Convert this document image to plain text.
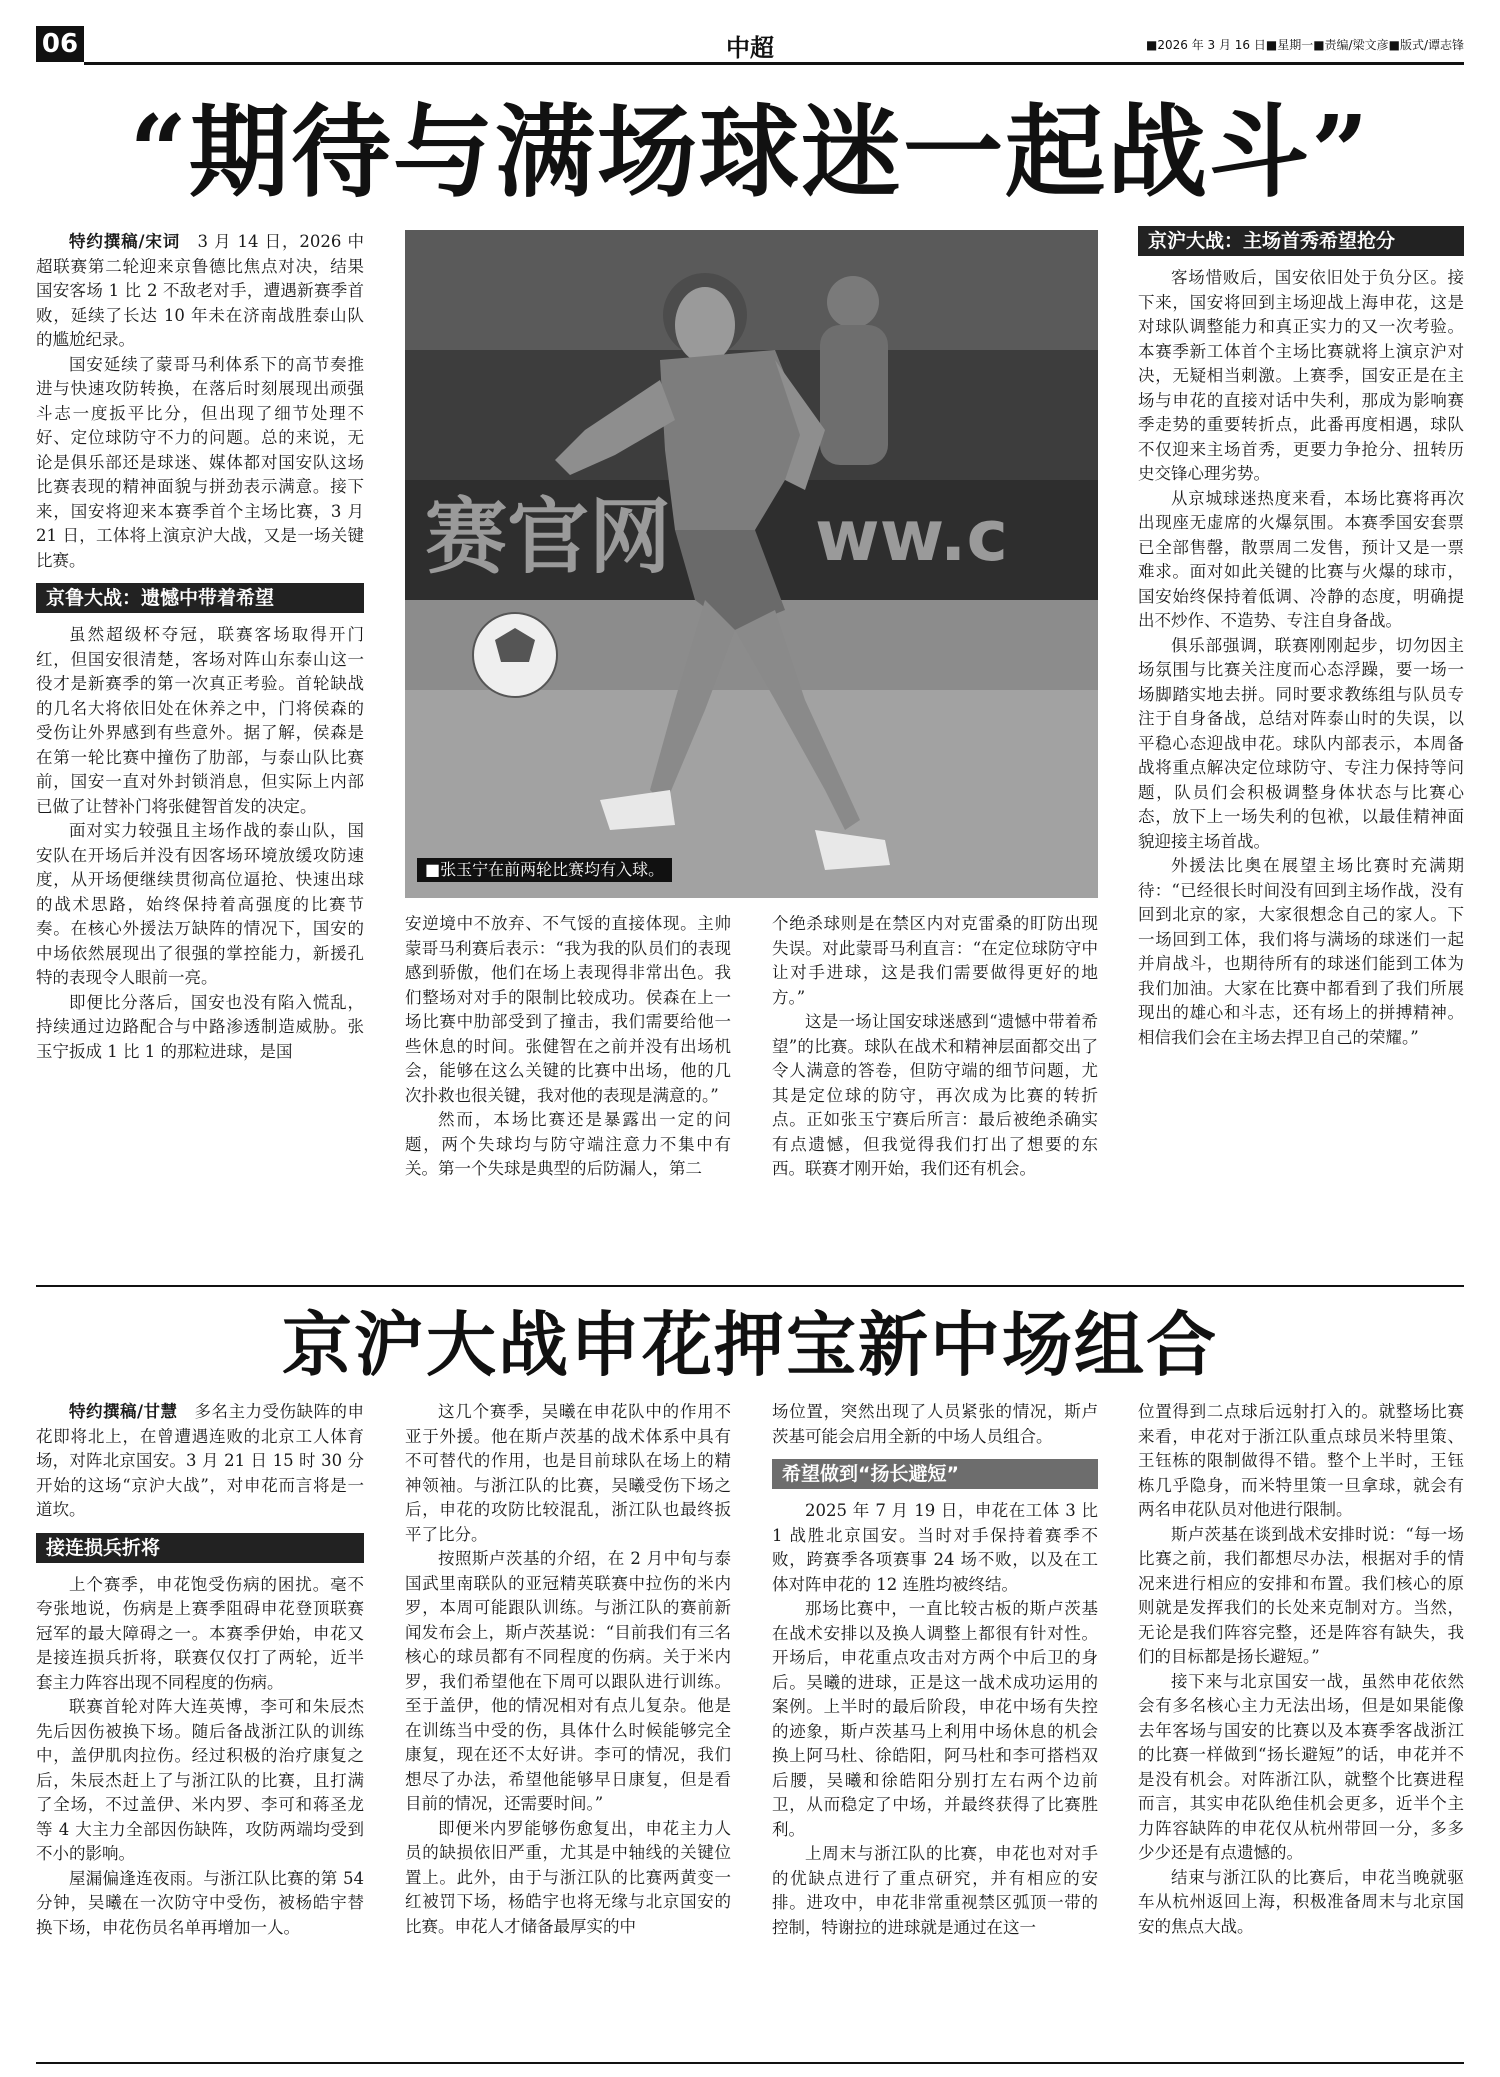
06	中超	■2026 年 3 月 16 日■星期一■责编/梁文彦■版式/谭志锋
“期待与满场球迷一起战斗”

特约撰稿/宋词　 3 月 14 日，2026 中超联赛第二轮迎来京鲁德比焦点对决，结果国安客场 1 比 2 不敌老对手，遭遇新赛季首败，延续了长达 10 年未在济南战胜泰山队的尴尬纪录。

国安延续了蒙哥马利体系下的高节奏推进与快速攻防转换，在落后时刻展现出顽强斗志一度扳平比分，但出现了细节处理不好、定位球防守不力的问题。总的来说，无论是俱乐部还是球迷、媒体都对国安队这场比赛表现的精神面貌与拼劲表示满意。接下来，国安将迎来本赛季首个主场比赛，3 月 21 日，工体将上演京沪大战，又是一场关键比赛。

京鲁大战：遗憾中带着希望

虽然超级杯夺冠，联赛客场取得开门红，但国安很清楚，客场对阵山东泰山这一役才是新赛季的第一次真正考验。首轮缺战的几名大将依旧处在休养之中，门将侯森的受伤让外界感到有些意外。据了解，侯森是在第一轮比赛中撞伤了肋部，与泰山队比赛前，国安一直对外封锁消息，但实际上内部已做了让替补门将张健智首发的决定。

面对实力较强且主场作战的泰山队，国安队在开场后并没有因客场环境放缓攻防速度，从开场便继续贯彻高位逼抢、快速出球的战术思路，始终保持着高强度的比赛节奏。在核心外援法万缺阵的情况下，国安的中场依然展现出了很强的掌控能力，新援孔特的表现令人眼前一亮。

即便比分落后，国安也没有陷入慌乱，持续通过边路配合与中路渗透制造威胁。张玉宁扳成 1 比 1 的那粒进球，是国

赛官网 ww.c
■张玉宁在前两轮比赛均有入球。

安逆境中不放弃、不气馁的直接体现。主帅蒙哥马利赛后表示：“我为我的队员们的表现感到骄傲，他们在场上表现得非常出色。我们整场对对手的限制比较成功。侯森在上一场比赛中肋部受到了撞击，我们需要给他一些休息的时间。张健智在之前并没有出场机会，能够在这么关键的比赛中出场，他的几次扑救也很关键，我对他的表现是满意的。”

然而，本场比赛还是暴露出一定的问题，两个失球均与防守端注意力不集中有关。第一个失球是典型的后防漏人，第二

个绝杀球则是在禁区内对克雷桑的盯防出现失误。对此蒙哥马利直言：“在定位球防守中让对手进球，这是我们需要做得更好的地方。”

这是一场让国安球迷感到“遗憾中带着希望”的比赛。球队在战术和精神层面都交出了令人满意的答卷，但防守端的细节问题，尤其是定位球的防守，再次成为比赛的转折点。正如张玉宁赛后所言：最后被绝杀确实有点遗憾，但我觉得我们打出了想要的东西。联赛才刚开始，我们还有机会。

京沪大战：主场首秀希望抢分

客场惜败后，国安依旧处于负分区。接下来，国安将回到主场迎战上海申花，这是对球队调整能力和真正实力的又一次考验。本赛季新工体首个主场比赛就将上演京沪对决，无疑相当刺激。上赛季，国安正是在主场与申花的直接对话中失利，那成为影响赛季走势的重要转折点，此番再度相遇，球队不仅迎来主场首秀，更要力争抢分、扭转历史交锋心理劣势。

从京城球迷热度来看，本场比赛将再次出现座无虚席的火爆氛围。本赛季国安套票已全部售罄，散票周二发售，预计又是一票难求。面对如此关键的比赛与火爆的球市，国安始终保持着低调、冷静的态度，明确提出不炒作、不造势、专注自身备战。

俱乐部强调，联赛刚刚起步，切勿因主场氛围与比赛关注度而心态浮躁，要一场一场脚踏实地去拼。同时要求教练组与队员专注于自身备战，总结对阵泰山时的失误，以平稳心态迎战申花。球队内部表示，本周备战将重点解决定位球防守、专注力保持等问题，队员们会积极调整身体状态与比赛心态，放下上一场失利的包袱，以最佳精神面貌迎接主场首战。

外援法比奥在展望主场比赛时充满期待：“已经很长时间没有回到主场作战，没有回到北京的家，大家很想念自己的家人。下一场回到工体，我们将与满场的球迷们一起并肩战斗，也期待所有的球迷们能到工体为我们加油。大家在比赛中都看到了我们所展现出的雄心和斗志，还有场上的拼搏精神。相信我们会在主场去捍卫自己的荣耀。”

京沪大战申花押宝新中场组合

特约撰稿/甘慧　 多名主力受伤缺阵的申花即将北上，在曾遭遇连败的北京工人体育场，对阵北京国安。3 月 21 日 15 时 30 分开始的这场“京沪大战”，对申花而言将是一道坎。

接连损兵折将

上个赛季，申花饱受伤病的困扰。毫不夸张地说，伤病是上赛季阻碍申花登顶联赛冠军的最大障碍之一。本赛季伊始，申花又是接连损兵折将，联赛仅仅打了两轮，近半套主力阵容出现不同程度的伤病。

联赛首轮对阵大连英博，李可和朱辰杰先后因伤被换下场。随后备战浙江队的训练中，盖伊肌肉拉伤。经过积极的治疗康复之后，朱辰杰赶上了与浙江队的比赛，且打满了全场，不过盖伊、米内罗、李可和蒋圣龙等 4 大主力全部因伤缺阵，攻防两端均受到不小的影响。

屋漏偏逢连夜雨。与浙江队比赛的第 54 分钟，吴曦在一次防守中受伤，被杨皓宇替换下场，申花伤员名单再增加一人。

这几个赛季，吴曦在申花队中的作用不亚于外援。他在斯卢茨基的战术体系中具有不可替代的作用，也是目前球队在场上的精神领袖。与浙江队的比赛，吴曦受伤下场之后，申花的攻防比较混乱，浙江队也最终扳平了比分。

按照斯卢茨基的介绍，在 2 月中旬与泰国武里南联队的亚冠精英联赛中拉伤的米内罗，本周可能跟队训练。与浙江队的赛前新闻发布会上，斯卢茨基说：“目前我们有三名核心的球员都有不同程度的伤病。关于米内罗，我们希望他在下周可以跟队进行训练。至于盖伊，他的情况相对有点儿复杂。他是在训练当中受的伤，具体什么时候能够完全康复，现在还不太好讲。李可的情况，我们想尽了办法，希望他能够早日康复，但是看目前的情况，还需要时间。”

即便米内罗能够伤愈复出，申花主力人员的缺损依旧严重，尤其是中轴线的关键位置上。此外，由于与浙江队的比赛两黄变一红被罚下场，杨皓宇也将无缘与北京国安的比赛。申花人才储备最厚实的中

场位置，突然出现了人员紧张的情况，斯卢茨基可能会启用全新的中场人员组合。

希望做到“扬长避短”

2025 年 7 月 19 日，申花在工体 3 比 1 战胜北京国安。当时对手保持着赛季不败，跨赛季各项赛事 24 场不败，以及在工体对阵申花的 12 连胜均被终结。

那场比赛中，一直比较古板的斯卢茨基在战术安排以及换人调整上都很有针对性。开场后，申花重点攻击对方两个中后卫的身后。吴曦的进球，正是这一战术成功运用的案例。上半时的最后阶段，申花中场有失控的迹象，斯卢茨基马上利用中场休息的机会换上阿马杜、徐皓阳，阿马杜和李可搭档双后腰，吴曦和徐皓阳分别打左右两个边前卫，从而稳定了中场，并最终获得了比赛胜利。

上周末与浙江队的比赛，申花也对对手的优缺点进行了重点研究，并有相应的安排。进攻中，申花非常重视禁区弧顶一带的控制，特谢拉的进球就是通过在这一

位置得到二点球后远射打入的。就整场比赛来看，申花对于浙江队重点球员米特里策、王钰栋的限制做得不错。整个上半时，王钰栋几乎隐身，而米特里策一旦拿球，就会有两名申花队员对他进行限制。

斯卢茨基在谈到战术安排时说：“每一场比赛之前，我们都想尽办法，根据对手的情况来进行相应的安排和布置。我们核心的原则就是发挥我们的长处来克制对方。当然，无论是我们阵容完整，还是阵容有缺失，我们的目标都是扬长避短。”

接下来与北京国安一战，虽然申花依然会有多名核心主力无法出场，但是如果能像去年客场与国安的比赛以及本赛季客战浙江的比赛一样做到“扬长避短”的话，申花并不是没有机会。对阵浙江队，就整个比赛进程而言，其实申花队绝佳机会更多，近半个主力阵容缺阵的申花仅从杭州带回一分，多多少少还是有点遗憾的。

结束与浙江队的比赛后，申花当晚就驱车从杭州返回上海，积极准备周末与北京国安的焦点大战。
